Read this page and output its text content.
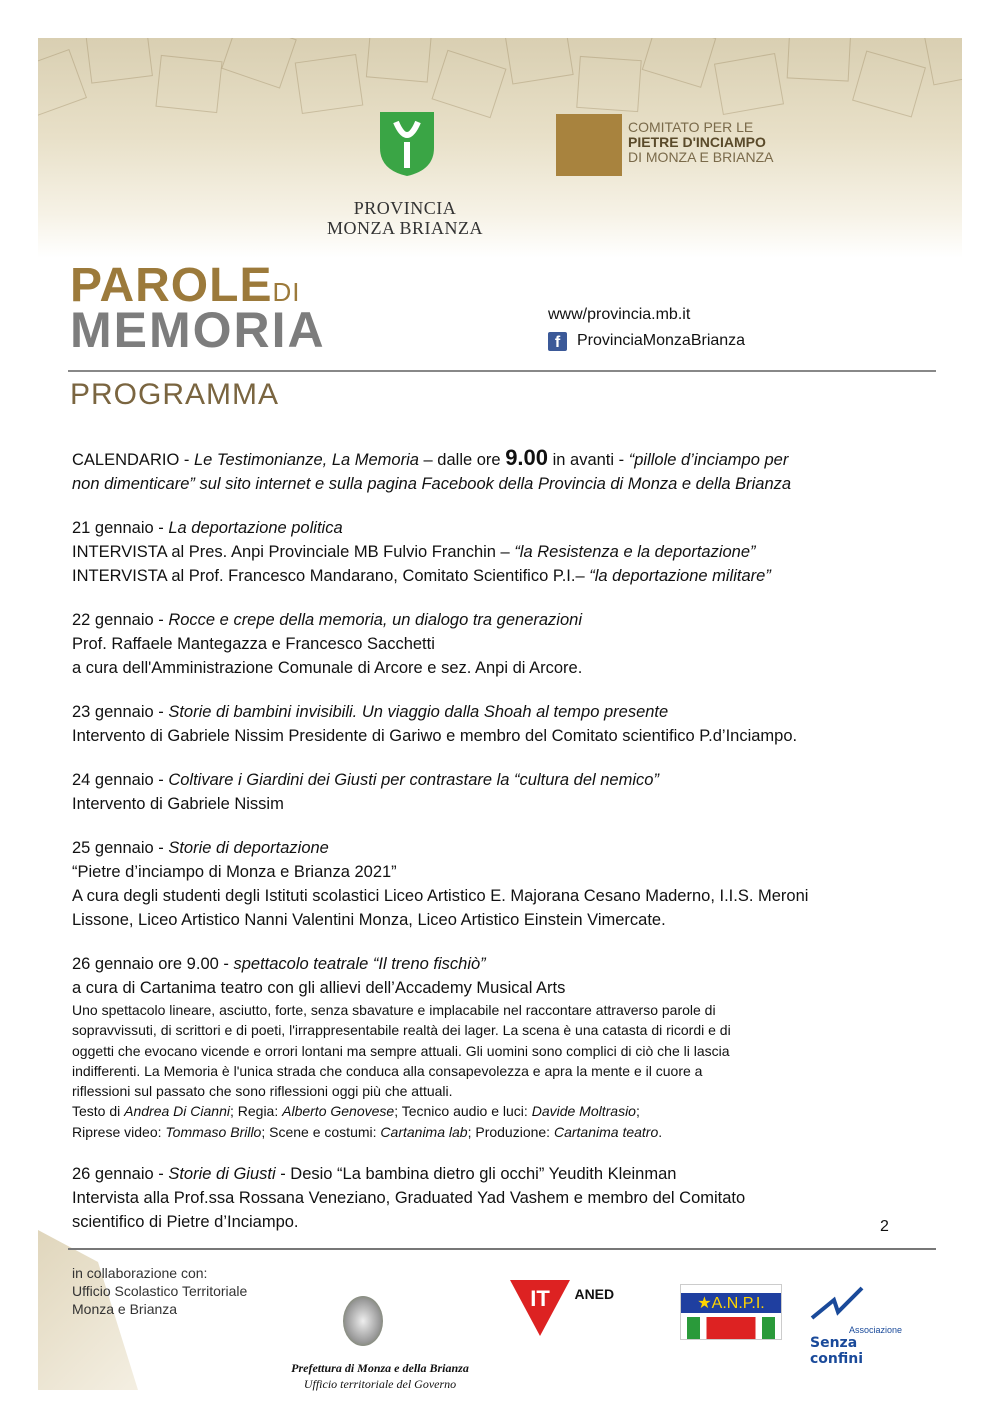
PROVINCIA
MONZA BRIANZA
COMITATO PER LE
PIETRE D'INCIAMPO
DI MONZA E BRIANZA
PAROLEDI
MEMORIA	www/provincia.mb.it
f ProvinciaMonzaBrianza
PROGRAMMA
CALENDARIO - Le Testimonianze, La Memoria – dalle ore 9.00 in avanti - “pillole d’inciampo per
non dimenticare” sul sito internet e sulla pagina Facebook della Provincia di Monza e della Brianza
21 gennaio - La deportazione politica
INTERVISTA al Pres. Anpi Provinciale MB Fulvio Franchin – “la Resistenza e la deportazione”
INTERVISTA al Prof. Francesco Mandarano, Comitato Scientifico P.I.– “la deportazione militare”
22 gennaio - Rocce e crepe della memoria, un dialogo tra generazioni
Prof. Raffaele Mantegazza e Francesco Sacchetti
a cura dell'Amministrazione Comunale di Arcore e sez. Anpi di Arcore.
23 gennaio - Storie di bambini invisibili. Un viaggio dalla Shoah al tempo presente
Intervento di Gabriele Nissim Presidente di Gariwo e membro del Comitato scientifico P.d’Inciampo.
24 gennaio - Coltivare i Giardini dei Giusti per contrastare la “cultura del nemico”
Intervento di Gabriele Nissim
25 gennaio - Storie di deportazione
“Pietre d’inciampo di Monza e Brianza 2021”
A cura degli studenti degli Istituti scolastici Liceo Artistico E. Majorana Cesano Maderno, I.I.S. Meroni
Lissone, Liceo Artistico Nanni Valentini Monza, Liceo Artistico Einstein Vimercate.
26 gennaio ore 9.00 - spettacolo teatrale “Il treno fischiò”
a cura di Cartanima teatro con gli allievi dell’Accademy Musical Arts
Uno spettacolo lineare, asciutto, forte, senza sbavature e implacabile nel raccontare attraverso parole di
sopravvissuti, di scrittori e di poeti, l'irrappresentabile realtà dei lager. La scena è una catasta di ricordi e di
oggetti che evocano vicende e orrori lontani ma sempre attuali. Gli uomini sono complici di ciò che li lascia
indifferenti. La Memoria è l'unica strada che conduca alla consapevolezza e apra la mente e il cuore a
riflessioni sul passato che sono riflessioni oggi più che attuali.
Testo di Andrea Di Cianni; Regia: Alberto Genovese; Tecnico audio e luci: Davide Moltrasio;
Riprese video: Tommaso Brillo; Scene e costumi: Cartanima lab; Produzione: Cartanima teatro.
26 gennaio - Storie di Giusti - Desio “La bambina dietro gli occhi” Yeudith Kleinman
Intervista alla Prof.ssa Rossana Veneziano, Graduated Yad Vashem e membro del Comitato
scientifico di Pietre d’Inciampo.	2
in collaborazione con:
Ufficio Scolastico Territoriale
Monza e Brianza
Prefettura di Monza e della Brianza
Ufficio territoriale del Governo
IT ANED
★A.N.P.I.
Associazione
Senza confini
